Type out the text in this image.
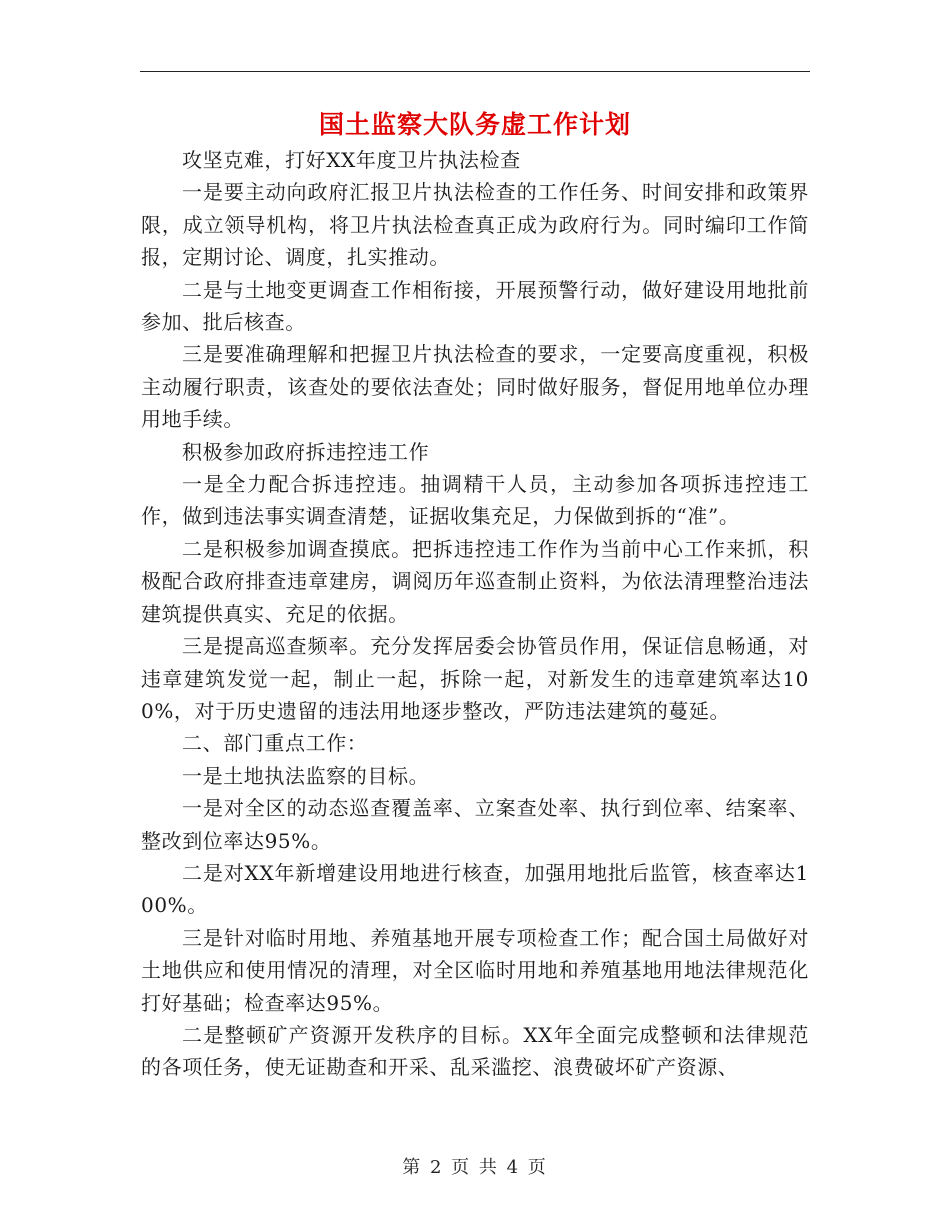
国土监察大队务虚工作计划

攻坚克难，打好XX年度卫片执法检查

一是要主动向政府汇报卫片执法检查的工作任务、时间安排和政策界限，成立领导机构，将卫片执法检查真正成为政府行为。同时编印工作简报，定期讨论、调度，扎实推动。

二是与土地变更调查工作相衔接，开展预警行动，做好建设用地批前参加、批后核查。

三是要准确理解和把握卫片执法检查的要求，一定要高度重视，积极主动履行职责，该查处的要依法查处；同时做好服务，督促用地单位办理用地手续。

积极参加政府拆违控违工作

一是全力配合拆违控违。抽调精干人员，主动参加各项拆违控违工作，做到违法事实调查清楚，证据收集充足，力保做到拆的“准”。

二是积极参加调查摸底。把拆违控违工作作为当前中心工作来抓，积极配合政府排查违章建房，调阅历年巡查制止资料，为依法清理整治违法建筑提供真实、充足的依据。

三是提高巡查频率。充分发挥居委会协管员作用，保证信息畅通，对违章建筑发觉一起，制止一起，拆除一起，对新发生的违章建筑率达100%，对于历史遗留的违法用地逐步整改，严防违法建筑的蔓延。

二、部门重点工作：

一是土地执法监察的目标。

一是对全区的动态巡查覆盖率、立案查处率、执行到位率、结案率、整改到位率达95%。

二是对XX年新增建设用地进行核查，加强用地批后监管，核查率达100%。

三是针对临时用地、养殖基地开展专项检查工作；配合国土局做好对土地供应和使用情况的清理，对全区临时用地和养殖基地用地法律规范化打好基础；检查率达95%。

二是整顿矿产资源开发秩序的目标。XX年全面完成整顿和法律规范的各项任务，使无证勘查和开采、乱采滥挖、浪费破坏矿产资源、

第 2 页 共 4 页
